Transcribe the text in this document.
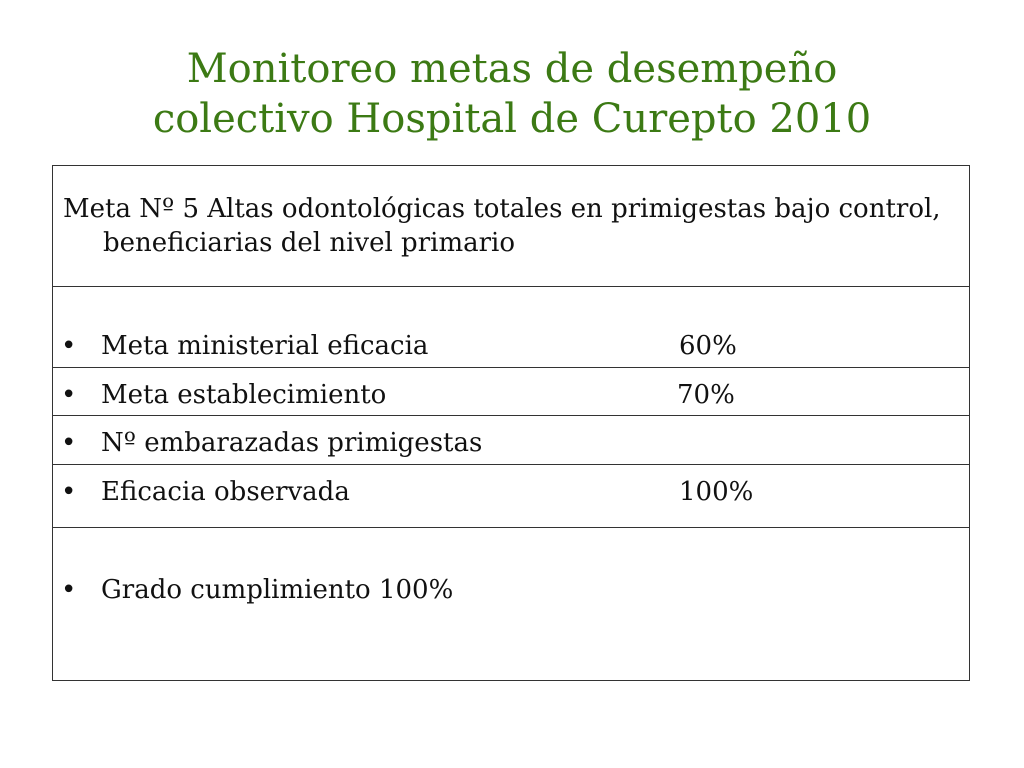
Monitoreo metas de desempeño
colectivo Hospital de Curepto 2010
Meta Nº 5 Altas odontológicas totales en primigestas bajo control, beneficiarias del nivel primario
• Meta ministerial eficacia	60%
• Meta establecimiento	70%
• Nº embarazadas primigestas
• Eficacia observada	100%
• Grado cumplimiento 100%
